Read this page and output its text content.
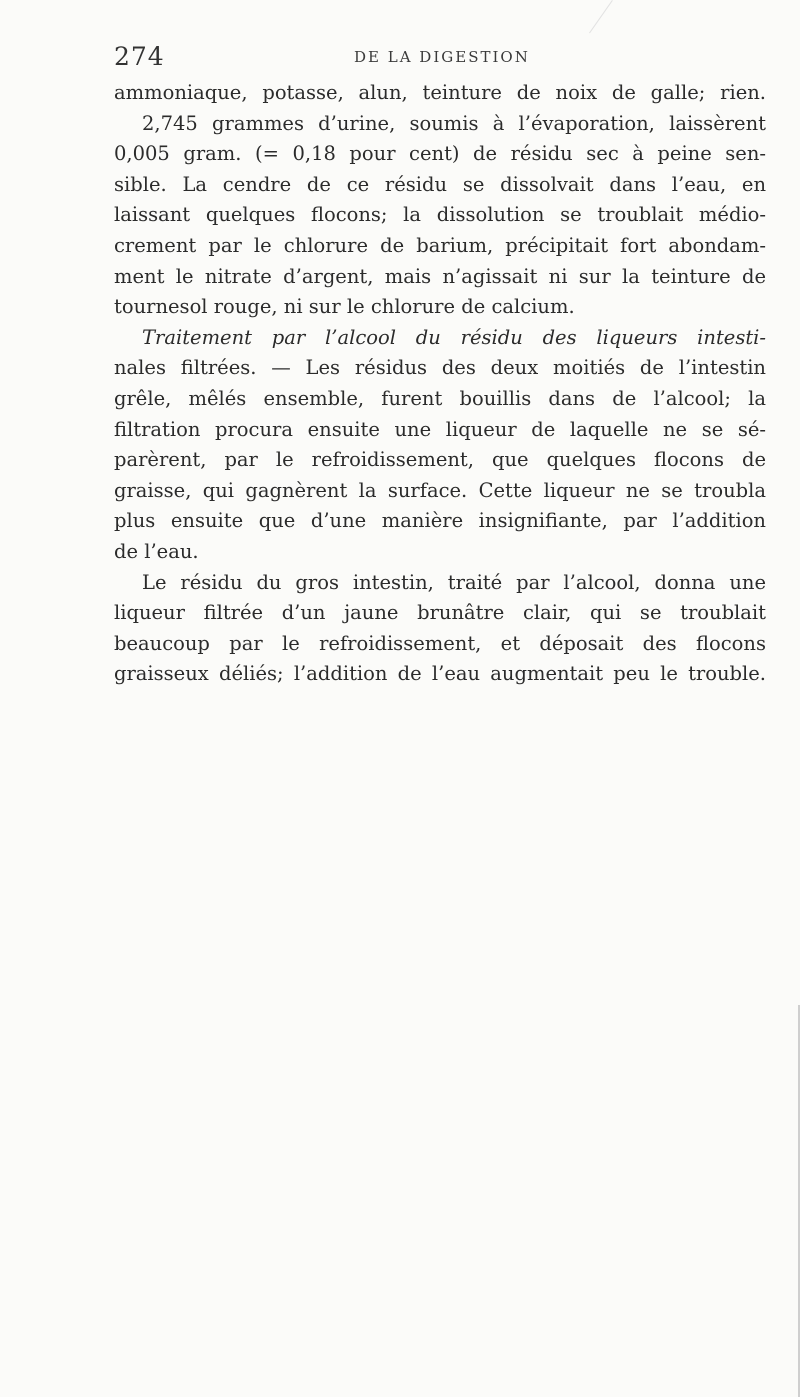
274	DE LA DIGESTION
ammoniaque, potasse, alun, teinture de noix de galle; rien.
2,745 grammes d’urine, soumis à l’évaporation, laissèrent
0,005 gram. (= 0,18 pour cent) de résidu sec à peine sen-
sible. La cendre de ce résidu se dissolvait dans l’eau, en
laissant quelques flocons; la dissolution se troublait médio-
crement par le chlorure de barium, précipitait fort abondam-
ment le nitrate d’argent, mais n’agissait ni sur la teinture de
tournesol rouge, ni sur le chlorure de calcium.
Traitement par l’alcool du résidu des liqueurs intesti-
nales filtrées. — Les résidus des deux moitiés de l’intestin
grêle, mêlés ensemble, furent bouillis dans de l’alcool; la
filtration procura ensuite une liqueur de laquelle ne se sé-
parèrent, par le refroidissement, que quelques flocons de
graisse, qui gagnèrent la surface. Cette liqueur ne se troubla
plus ensuite que d’une manière insignifiante, par l’addition
de l’eau.
Le résidu du gros intestin, traité par l’alcool, donna une
liqueur filtrée d’un jaune brunâtre clair, qui se troublait
beaucoup par le refroidissement, et déposait des flocons
graisseux déliés; l’addition de l’eau augmentait peu le trouble.
